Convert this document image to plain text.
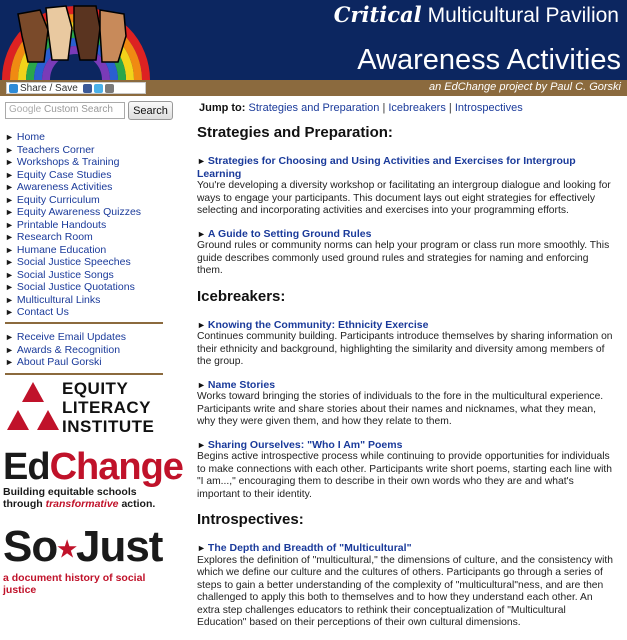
Critical Multicultural Pavilion
Awareness Activities
Share / Save	an EdChange project by Paul C. Gorski
Google Custom Search	Search
► Home
► Teachers Corner
► Workshops & Training
► Equity Case Studies
► Awareness Activities
► Equity Curriculum
► Equity Awareness Quizzes
► Printable Handouts
► Research Room
► Humane Education
► Social Justice Speeches
► Social Justice Songs
► Social Justice Quotations
► Multicultural Links
► Contact Us
► Receive Email Updates
► Awards & Recognition
► About Paul Gorski
EQUITY
LITERACY
INSTITUTE
EdChange
Building equitable schools
through transformative action.
So★Just
a document history of social justice
Jump to: Strategies and Preparation | Icebreakers | Introspectives
Strategies and Preparation:
► Strategies for Choosing and Using Activities and Exercises for Intergroup Learning
You're developing a diversity workshop or facilitating an intergroup dialogue and looking for ways to engage your participants. This document lays out eight strategies for effectively selecting and incorporating activities and exercises into your programming efforts.
► A Guide to Setting Ground Rules
Ground rules or community norms can help your program or class run more smoothly. This guide describes commonly used ground rules and strategies for naming and enforcing them.
Icebreakers:
► Knowing the Community: Ethnicity Exercise
Continues community building. Participants introduce themselves by sharing information on their ethnicity and background, highlighting the similarity and diversity among members of the group.
► Name Stories
Works toward bringing the stories of individuals to the fore in the multicultural experience. Participants write and share stories about their names and nicknames, what they mean, why they were given them, and how they relate to them.
► Sharing Ourselves: "Who I Am" Poems
Begins active introspective process while continuing to provide opportunities for individuals to make connections with each other. Participants write short poems, starting each line with "I am...," encouraging them to describe in their own words who they are and what's important to their identity.
Introspectives:
► The Depth and Breadth of "Multicultural"
Explores the definition of "multicultural," the dimensions of culture, and the consistency with which we define our culture and the cultures of others. Participants go through a series of steps to gain a better understanding of the complexity of "multicultural"ness, and are then challenged to apply this both to themselves and to how they understand each other. An extra step challenges educators to rethink their conceptualization of "Multicultural Education" based on their perceptions of their own cultural dimensions.
